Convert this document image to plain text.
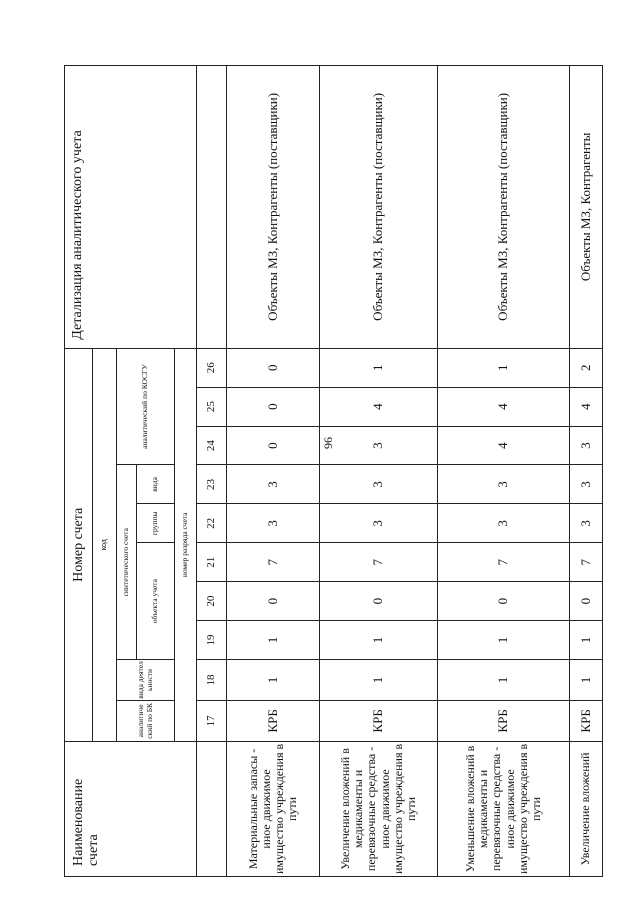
96
Наименование счета	Номер счета										Детализация аналитического учета
	код										
	аналитиче ский по БК	вида деятел ьности	синтетического счета					аналитический по КОСГУ			
			объекта учета			группы	вида				

	номер разряда счета										
	17	18	19	20	21	22	23	24	25	26	
Материальные запасы - иное движимое имущество учреждения в пути	КРБ	1	1	0	7	3	3	0	0	0	Объекты МЗ, Контрагенты (поставщики)
Увеличение вложений в медикаменты и перевязочные средства - иное движимое имущество учреждения в пути	КРБ	1	1	0	7	3	3	3	4	1	Объекты МЗ, Контрагенты (поставщики)
Уменьшение вложений в медикаменты и перевязочные средства - иное движимое имущество учреждения в пути	КРБ	1	1	0	7	3	3	4	4	1	Объекты МЗ, Контрагенты (поставщики)
Увеличение вложений	КРБ	1	1	0	7	3	3	3	4	2	Объекты МЗ, Контрагенты
